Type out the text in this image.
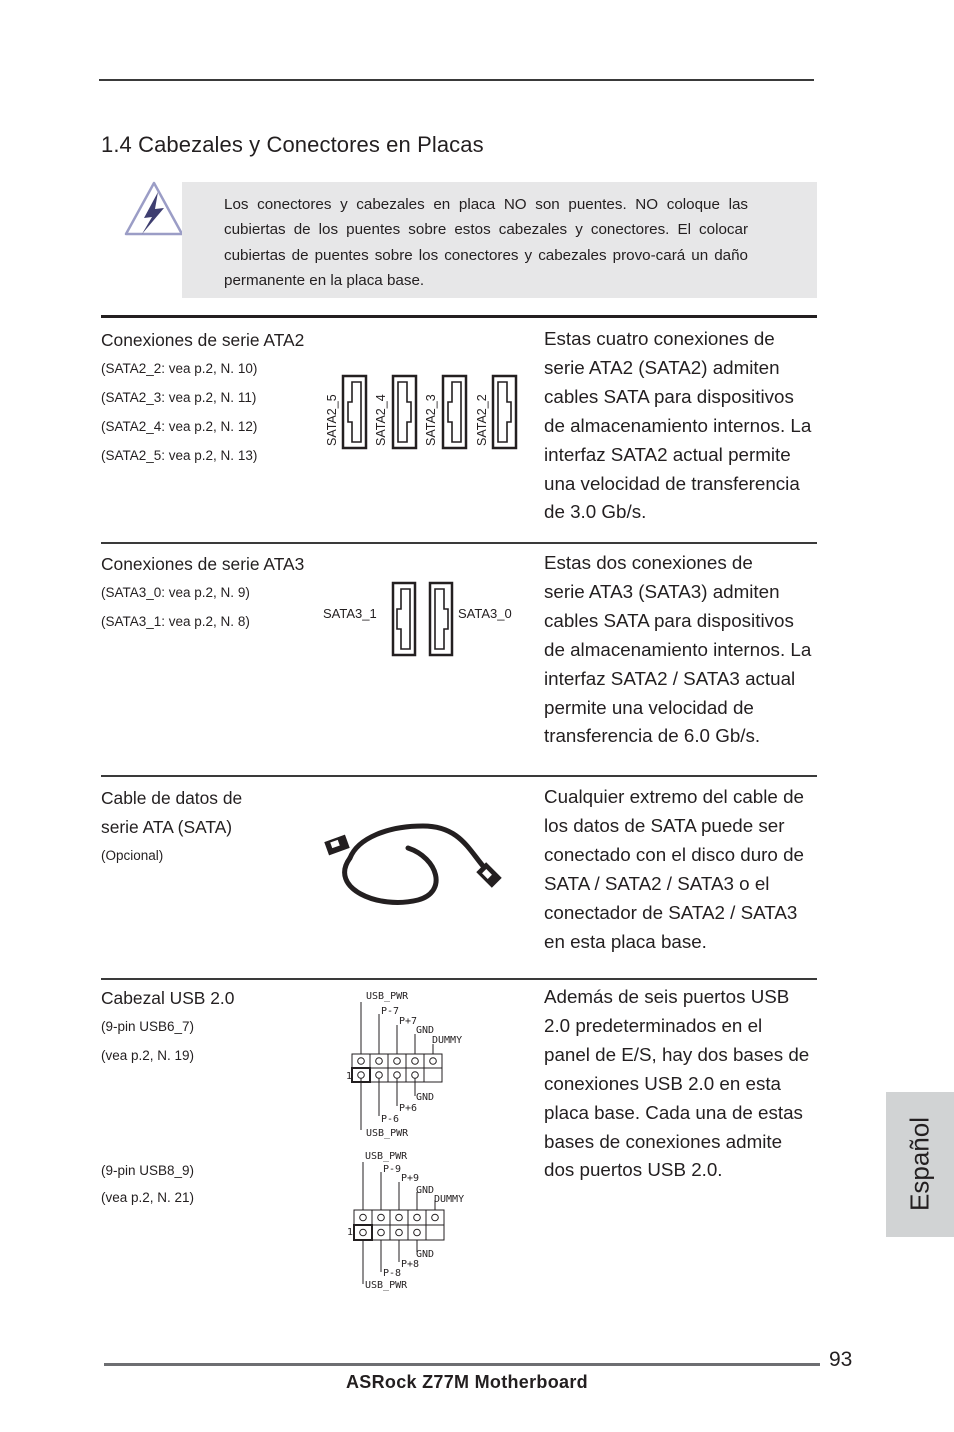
1.4 Cabezales y Conectores en Placas
Los conectores y cabezales en placa NO son puentes. NO coloque las cubiertas de los puentes sobre estos cabezales y conectores. El colocar cubiertas de puentes sobre los conectores y cabezales provo-cará un daño permanente en la placa base.
Conexiones de serie ATA2
(SATA2_2: vea p.2, N. 10)
(SATA2_3: vea p.2, N. 11)
(SATA2_4: vea p.2, N. 12)
(SATA2_5: vea p.2, N. 13)
SATA2_5	SATA2_4	SATA2_3	SATA2_2
Estas cuatro conexiones de
serie ATA2 (SATA2) admiten
cables SATA para dispositivos
de almacenamiento internos. La
interfaz SATA2 actual permite
una velocidad de transferencia
de 3.0 Gb/s.
Conexiones de serie ATA3
(SATA3_0: vea p.2, N. 9)
(SATA3_1: vea p.2, N. 8)
SATA3_1	SATA3_0
Estas dos conexiones de
serie ATA3 (SATA3) admiten
cables SATA para dispositivos
de almacenamiento internos. La
interfaz SATA2 / SATA3 actual
permite una velocidad de
transferencia de 6.0 Gb/s.
Cable de datos de
serie ATA (SATA)
(Opcional)
Cualquier extremo del cable de
los datos de SATA puede ser
conectado con el disco duro de
SATA / SATA2 / SATA3 o el
conectador de SATA2 / SATA3
en esta placa base.
Cabezal USB 2.0
(9-pin USB6_7)
(vea p.2, N. 19)
(9-pin USB8_9)
(vea p.2, N. 21)
USB_PWR
P-7
P+7
GND
DUMMY
1
GND
P+6
P-6
USB_PWR
USB_PWR
P-9
P+9
GND
DUMMY
1
GND
P+8
P-8
USB_PWR
Además de seis puertos USB
2.0 predeterminados en el
panel de E/S, hay dos bases de
conexiones USB 2.0 en esta
placa base. Cada una de estas
bases de conexiones admite
dos puertos USB 2.0.	Español
93
ASRock Z77M Motherboard
